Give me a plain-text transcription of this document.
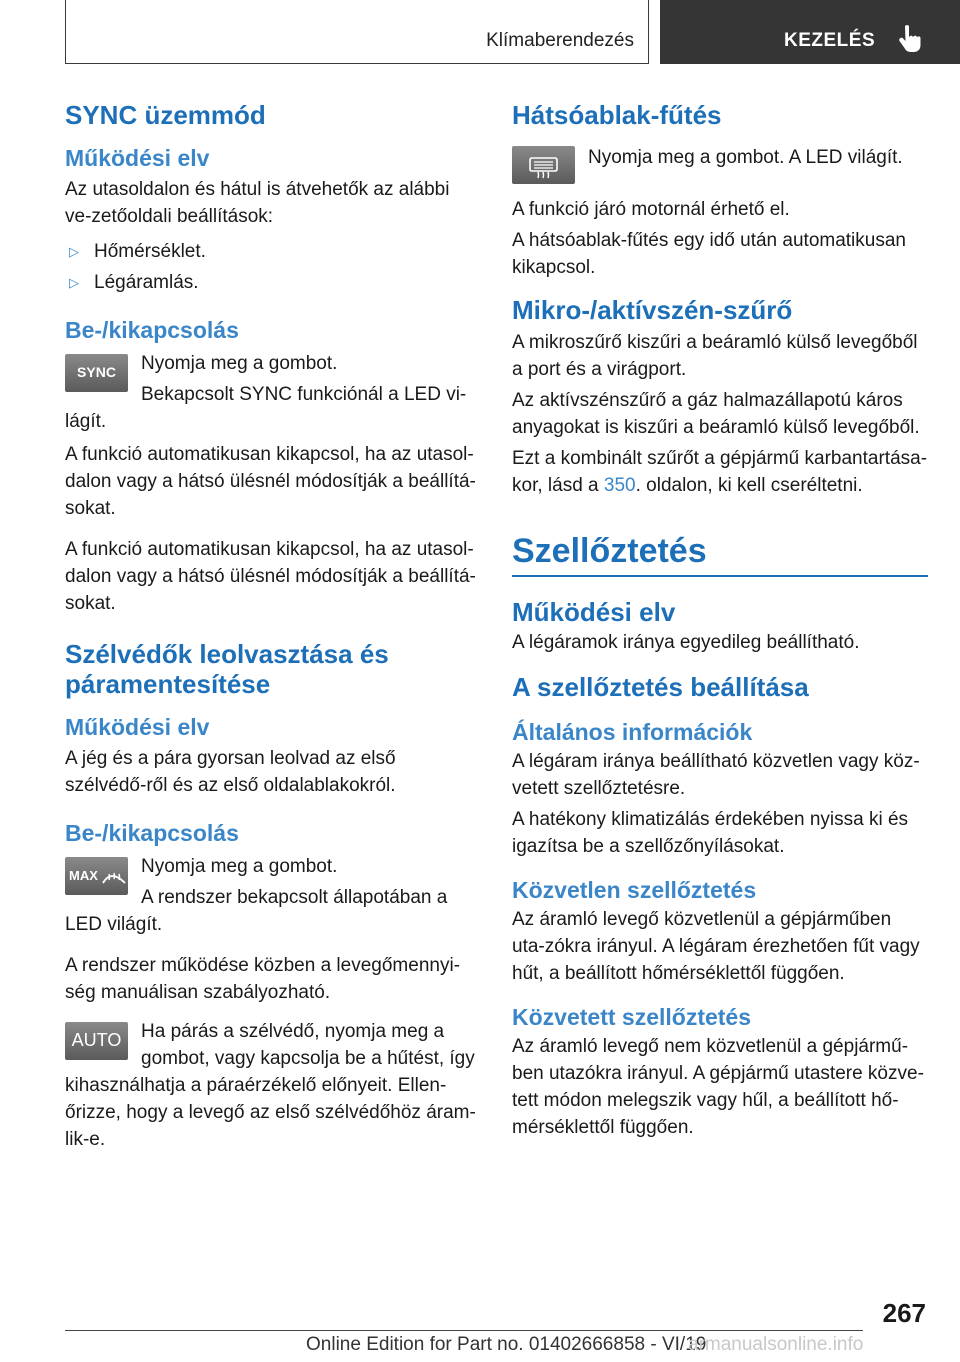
Klímaberendezés	KEZELÉS
SYNC üzemmód
Működési elv

Az utasoldalon és hátul is átvehetők az alábbi ve-zetőoldali beállítások:

▷ Hőmérséklet.
▷ Légáramlás.
Be-/kikapcsolás
SYNC	Nyomja meg a gombot.

Bekapcsolt SYNC funkciónál a LED vi-lágít.

A funkció automatikusan kikapcsol, ha az utasol-dalon vagy a hátsó ülésnél módosítják a beállítá-sokat.

A funkció automatikusan kikapcsol, ha az utasol-dalon vagy a hátsó ülésnél módosítják a beállítá-sokat.

Szélvédők leolvasztása és páramentesítése
Működési elv

A jég és a pára gyorsan leolvad az első szélvédő-ről és az első oldalablakokról.

Be-/kikapcsolás
MAX	Nyomja meg a gombot.

A rendszer bekapcsolt állapotában a LED világít.

A rendszer működése közben a levegőmennyi-ség manuálisan szabályozható.

AUTO	Ha párás a szélvédő, nyomja meg a gombot, vagy kapcsolja be a hűtést, így kihasználhatja a páraérzékelő előnyeit. Ellen-őrizze, hogy a levegő az első szélvédőhöz áram-lik-e.

Hátsóablak-fűtés

Nyomja meg a gombot. A LED világít.

A funkció járó motornál érhető el.

A hátsóablak-fűtés egy idő után automatikusan kikapcsol.

Mikro-/aktívszén-szűrő

A mikroszűrő kiszűri a beáramló külső levegőből a port és a virágport.

Az aktívszénszűrő a gáz halmazállapotú káros anyagokat is kiszűri a beáramló külső levegőből.

Ezt a kombinált szűrőt a gépjármű karbantartása-kor, lásd a 350. oldalon, ki kell cseréltetni.

Szellőztetés
Működési elv

A légáramok iránya egyedileg beállítható.

A szellőztetés beállítása
Általános információk

A légáram iránya beállítható közvetlen vagy köz-vetett szellőztetésre.

A hatékony klimatizálás érdekében nyissa ki és igazítsa be a szellőzőnyílásokat.

Közvetlen szellőztetés

Az áramló levegő közvetlenül a gépjárműben uta-zókra irányul. A légáram érezhetően fűt vagy hűt, a beállított hőmérséklettől függően.

Közvetett szellőztetés

Az áramló levegő nem közvetlenül a gépjármű-ben utazókra irányul. A gépjármű utastere közve-tett módon melegszik vagy hűl, a beállított hő-mérséklettől függően.

267
Online Edition for Part no. 01402666858 - VI/19
armanualsonline.info
